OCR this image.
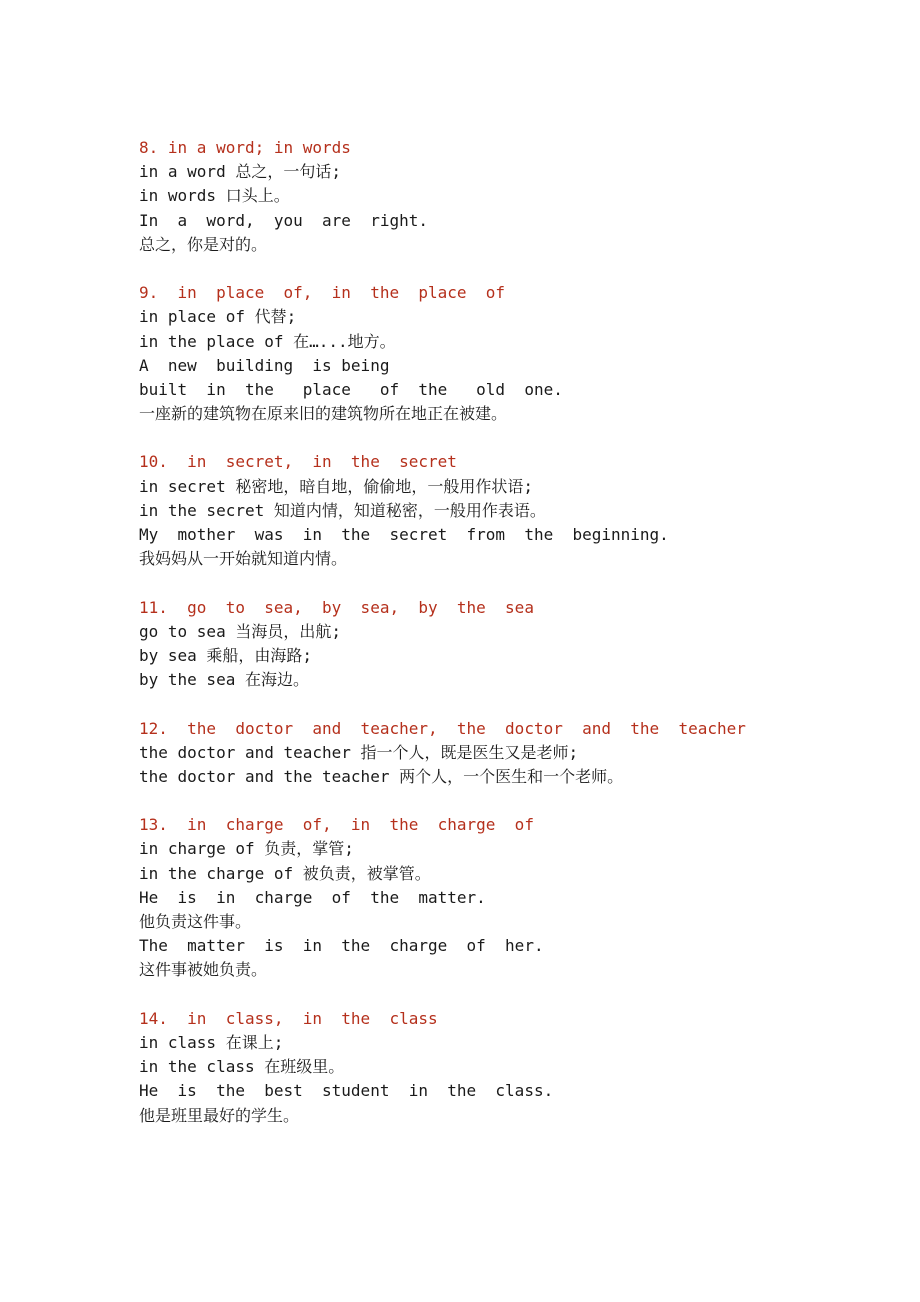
8. in a word; in words
in a word 总之，一句话;
in words 口头上。
In  a  word,  you  are  right.
总之，你是对的。
9.  in  place  of,  in  the  place  of
in place of 代替;
in the place of 在…...地方。
A  new  building  is being
built  in  the   place   of  the   old  one.
一座新的建筑物在原来旧的建筑物所在地正在被建。
10.  in  secret,  in  the  secret
in secret 秘密地，暗自地，偷偷地，一般用作状语;
in the secret 知道内情，知道秘密，一般用作表语。
My  mother  was  in  the  secret  from  the  beginning.
我妈妈从一开始就知道内情。
11.  go  to  sea,  by  sea,  by  the  sea
go to sea 当海员，出航;
by sea 乘船，由海路;
by the sea 在海边。
12.  the  doctor  and  teacher,  the  doctor  and  the  teacher
the doctor and teacher 指一个人，既是医生又是老师;
the doctor and the teacher 两个人，一个医生和一个老师。
13.  in  charge  of,  in  the  charge  of
in charge of 负责，掌管;
in the charge of 被负责，被掌管。
He  is  in  charge  of  the  matter.
他负责这件事。
The  matter  is  in  the  charge  of  her.
这件事被她负责。
14.  in  class,  in  the  class
in class 在课上;
in the class 在班级里。
He  is  the  best  student  in  the  class.
他是班里最好的学生。
